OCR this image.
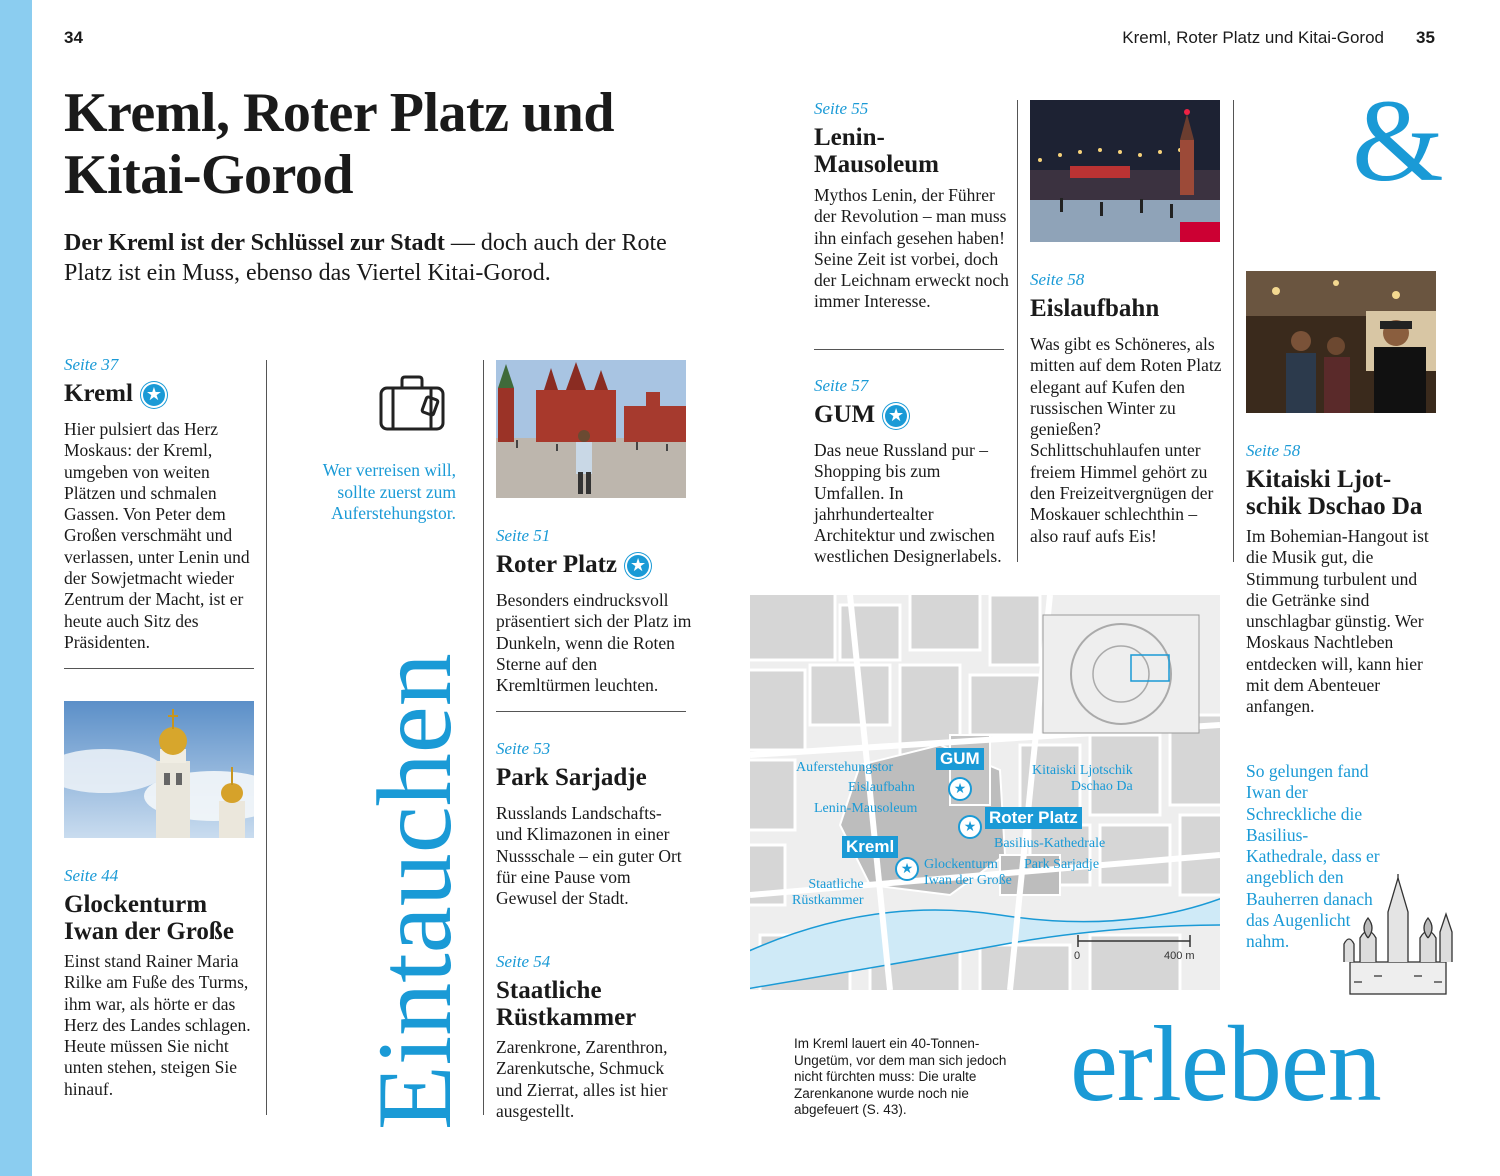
34	Kreml, Roter Platz und Kitai-Gorod 35
Kreml, Roter Platz und
Kitai-Gorod
Der Kreml ist der Schlüssel zur Stadt — doch auch der Rote Platz ist ein Muss, ebenso das Viertel Kitai-Gorod.
Seite 37
Kreml ★
Hier pulsiert das Herz Moskaus: der Kreml, umgeben von weiten Plätzen und schmalen Gassen. Von Peter dem Großen verschmäht und verlassen, unter Lenin und der Sowjetmacht wieder Zentrum der Macht, ist er heute auch Sitz des Präsidenten.
Seite 44
Glockenturm
Iwan der Große
Einst stand Rainer Maria Rilke am Fuße des Turms, ihm war, als hörte er das Herz des Landes schlagen. Heute müssen Sie nicht unten stehen, steigen Sie hinauf.
Wer verreisen will, sollte zuerst zum Auferstehungstor.
Eintauchen
Seite 51
Roter Platz ★
Besonders eindrucksvoll präsentiert sich der Platz im Dunkeln, wenn die Roten Sterne auf den Kremltürmen leuchten.
Seite 53
Park Sarjadje
Russlands Landschafts- und Klimazonen in einer Nussschale – ein guter Ort für eine Pause vom Gewusel der Stadt.
Seite 54
Staatliche
Rüstkammer
Zarenkrone, Zarenthron, Zarenkutsche, Schmuck und Zierrat, alles ist hier ausgestellt.
Seite 55
Lenin-
Mausoleum
Mythos Lenin, der Führer der Revolution – man muss ihn einfach gesehen haben! Seine Zeit ist vorbei, doch der Leichnam erweckt noch immer Interesse.
Seite 57
GUM ★
Das neue Russland pur – Shopping bis zum Umfallen. In jahrhundertealter Architektur und zwischen westlichen Designerlabels.
Seite 58
Eislaufbahn
Was gibt es Schöneres, als mitten auf dem Roten Platz elegant auf Kufen den russischen Winter zu genießen? Schlittschuhlaufen unter freiem Himmel gehört zu den Freizeitvergnügen der Moskauer schlechthin – also rauf aufs Eis!
&
Seite 58
Kitaiski Ljot-
schik Dschao Da
Im Bohemian-Hangout ist die Musik gut, die Stimmung turbulent und die Getränke sind unschlagbar günstig. Wer Moskaus Nachtleben entdecken will, kann hier mit dem Abenteuer anfangen.
So gelungen fand Iwan der Schreckliche die Basilius-Kathedrale, dass er angeblich den Bauherren danach das Augenlicht nahm.
Auferstehungstor
Eislaufbahn
Lenin-Mausoleum
Staatliche
Rüstkammer
Glockenturm
Iwan der Große
Basilius-Kathedrale
Park Sarjadje
Kitaiski Ljotschik
Dschao Da
GUM
★
Roter Platz
★
Kreml
★
0	400 m
Im Kreml lauert ein 40-Tonnen-Ungetüm, vor dem man sich jedoch nicht fürchten muss: Die uralte Zarenkanone wurde noch nie abgefeuert (S. 43).	erleben
